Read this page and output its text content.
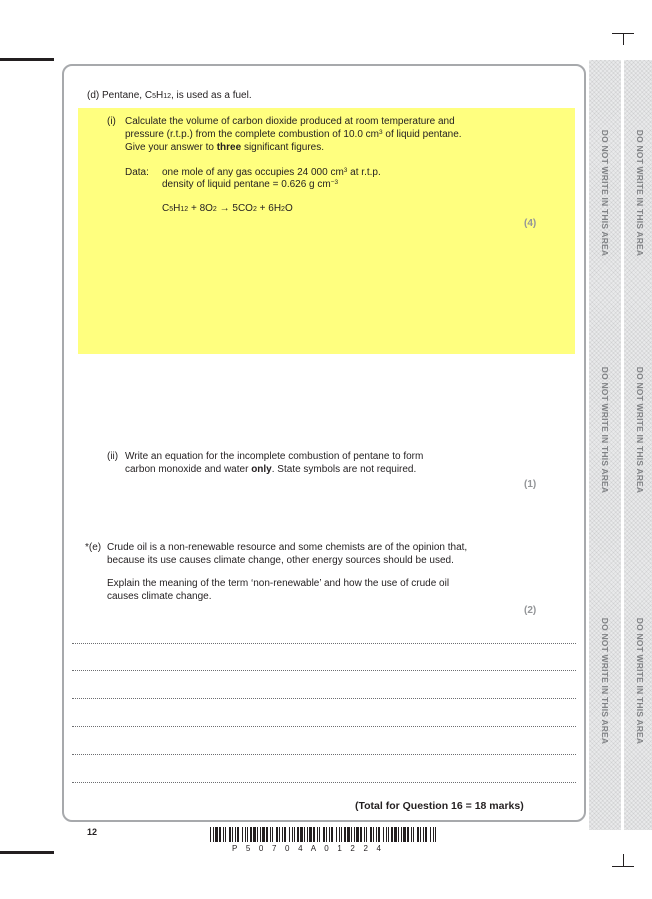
DO NOT WRITE IN THIS AREA
DO NOT WRITE IN THIS AREA
DO NOT WRITE IN THIS AREA
DO NOT WRITE IN THIS AREA
DO NOT WRITE IN THIS AREA
DO NOT WRITE IN THIS AREA
(d) Pentane, C5H12, is used as a fuel.
(i) Calculate the volume of carbon dioxide produced at room temperature and
pressure (r.t.p.) from the complete combustion of 10.0 $cm^3$ of liquid pentane.
Give your answer to three significant figures.
Data: one mole of any gas occupies 24 000 $cm^3$ at r.t.p.
density of liquid pentane = 0.626 g $cm^{-3}$
C5H12 + 8O2 → 5CO2 + 6H2O
(4)
(ii) Write an equation for the incomplete combustion of pentane to form
carbon monoxide and water only. State symbols are not required.
(1)
*(e) Crude oil is a non-renewable resource and some chemists are of the opinion that,
because its use causes climate change, other energy sources should be used.
Explain the meaning of the term ‘non-renewable’ and how the use of crude oil
causes climate change.
(2)
(Total for Question 16 = 18 marks)
12
P 5 0 7 0 4 A 0 1 2 2 4
